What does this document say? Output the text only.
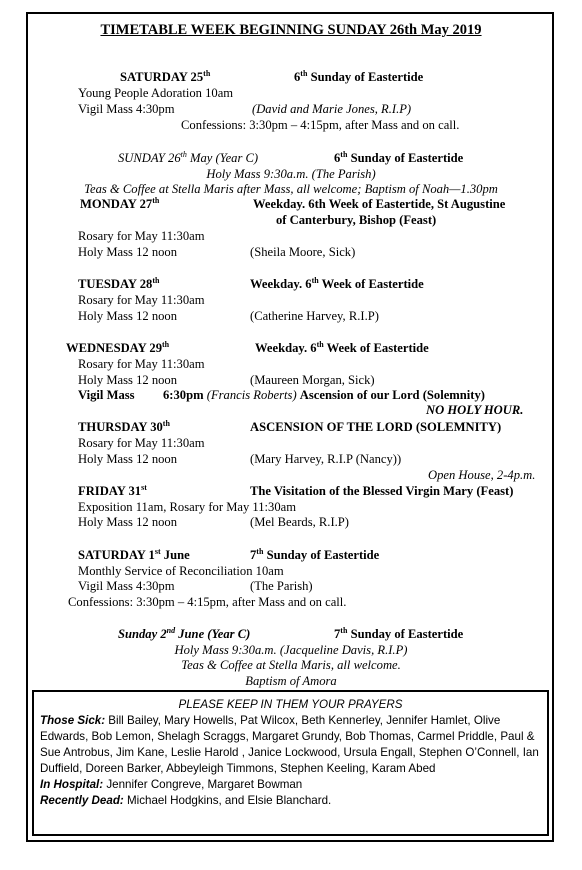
TIMETABLE WEEK BEGINNING SUNDAY 26th May 2019
SATURDAY 25th	6th Sunday of Eastertide
Young People Adoration 10am
Vigil Mass 4:30pm	(David and Marie Jones, R.I.P)
Confessions: 3:30pm – 4:15pm, after Mass and on call.
SUNDAY 26th May (Year C)	6th Sunday of Eastertide
Holy Mass 9:30a.m. (The Parish)
Teas & Coffee at Stella Maris after Mass, all welcome; Baptism of Noah—1.30pm
MONDAY 27th	Weekday. 6th Week of Eastertide, St Augustine
of Canterbury, Bishop (Feast)
Rosary for May 11:30am
Holy Mass 12 noon	(Sheila Moore, Sick)
TUESDAY 28th	Weekday. 6th Week of Eastertide
Rosary for May 11:30am
Holy Mass 12 noon	(Catherine Harvey, R.I.P)
WEDNESDAY 29th	Weekday. 6th Week of Eastertide
Rosary for May 11:30am
Holy Mass 12 noon	(Maureen Morgan, Sick)
Vigil Mass 6:30pm (Francis Roberts) Ascension of our Lord (Solemnity)
NO HOLY HOUR.
THURSDAY 30th	ASCENSION OF THE LORD (SOLEMNITY)
Rosary for May 11:30am
Holy Mass 12 noon	(Mary Harvey, R.I.P (Nancy))
Open House, 2-4p.m.
FRIDAY 31st	The Visitation of the Blessed Virgin Mary (Feast)
Exposition 11am, Rosary for May 11:30am
Holy Mass 12 noon	(Mel Beards, R.I.P)
SATURDAY 1st June	7th Sunday of Eastertide
Monthly Service of Reconciliation 10am
Vigil Mass 4:30pm	(The Parish)
Confessions: 3:30pm – 4:15pm, after Mass and on call.
Sunday 2nd June (Year C)	7th Sunday of Eastertide
Holy Mass 9:30a.m. (Jacqueline Davis, R.I.P)
Teas & Coffee at Stella Maris, all welcome.
Baptism of Amora
PLEASE KEEP IN THEM YOUR PRAYERS

Those Sick: Bill Bailey, Mary Howells, Pat Wilcox, Beth Kennerley, Jennifer Hamlet, Olive Edwards, Bob Lemon, Shelagh Scraggs, Margaret Grundy, Bob Thomas, Carmel Priddle, Paul & Sue Antrobus, Jim Kane, Leslie Harold , Janice Lockwood, Ursula Engall, Stephen O’Connell, Ian Duffield, Doreen Barker, Abbeyleigh Timmons, Stephen Keeling, Karam Abed

In Hospital: Jennifer Congreve, Margaret Bowman

Recently Dead: Michael Hodgkins, and Elsie Blanchard.
